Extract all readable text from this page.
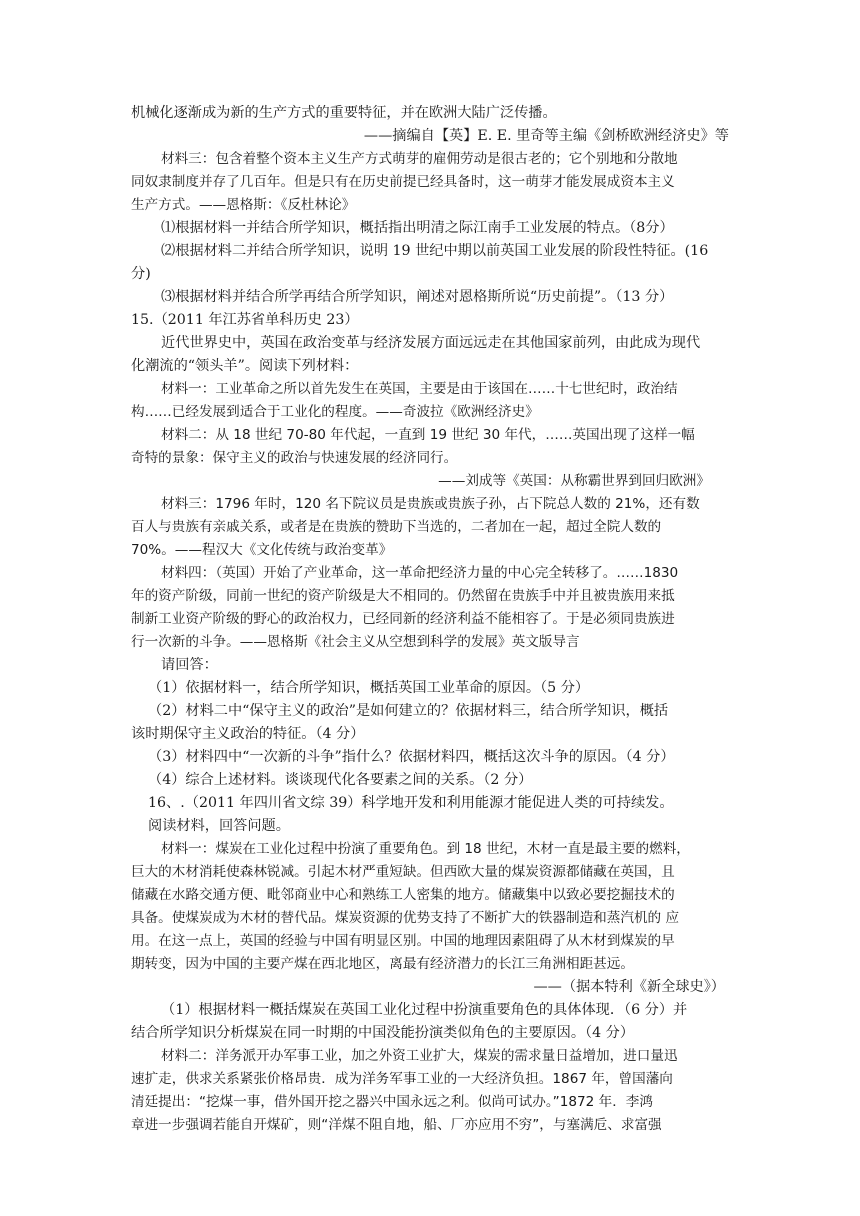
机械化逐渐成为新的生产方式的重要特征，并在欧洲大陆广泛传播。
——摘编自【英】E. E. 里奇等主编《剑桥欧洲经济史》等
材料三：包含着整个资本主义生产方式萌芽的雇佣劳动是很古老的；它个别地和分散地
同奴隶制度并存了几百年。但是只有在历史前提已经具备时，这一萌芽才能发展成资本主义
生产方式。——恩格斯：《反杜林论》
⑴根据材料一并结合所学知识，概括指出明清之际江南手工业发展的特点。（8分）
⑵根据材料二并结合所学知识，说明 19 世纪中期以前英国工业发展的阶段性特征。(16
分)
⑶根据材料并结合所学再结合所学知识，阐述对恩格斯所说“历史前提”。（13 分）
15.（2011 年江苏省单科历史 23）
近代世界史中，英国在政治变革与经济发展方面远远走在其他国家前列，由此成为现代
化潮流的“领头羊”。阅读下列材料：
材料一：工业革命之所以首先发生在英国，主要是由于该国在……十七世纪时，政治结
构……已经发展到适合于工业化的程度。——奇波拉《欧洲经济史》
材料二：从 18 世纪 70-80 年代起，一直到 19 世纪 30 年代，……英国出现了这样一幅
奇特的景象：保守主义的政治与快速发展的经济同行。
——刘成等《英国：从称霸世界到回归欧洲》
材料三：1796 年时，120 名下院议员是贵族或贵族子孙，占下院总人数的 21%，还有数
百人与贵族有亲戚关系，或者是在贵族的赞助下当选的，二者加在一起，超过全院人数的
70%。——程汉大《文化传统与政治变革》
材料四：（英国）开始了产业革命，这一革命把经济力量的中心完全转移了。……1830
年的资产阶级，同前一世纪的资产阶级是大不相同的。仍然留在贵族手中并且被贵族用来抵
制新工业资产阶级的野心的政治权力，已经同新的经济利益不能相容了。于是必须同贵族进
行一次新的斗争。——恩格斯《社会主义从空想到科学的发展》英文版导言
请回答：
（1）依据材料一，结合所学知识，概括英国工业革命的原因。（5 分）
（2）材料二中“保守主义的政治”是如何建立的？依据材料三，结合所学知识，概括
该时期保守主义政治的特征。（4 分）
（3）材料四中“一次新的斗争”指什么？依据材料四，概括这次斗争的原因。（4 分）
（4）综合上述材料。谈谈现代化各要素之间的关系。（2 分）
16、.（2011 年四川省文综 39）科学地开发和利用能源才能促进人类的可持续发。
阅读材料，回答问题。
材料一：煤炭在工业化过程中扮演了重要角色。到 18 世纪，木材一直是最主要的燃料，
巨大的木材消耗使森林锐减。引起木材严重短缺。但西欧大量的煤炭资源都储藏在英国，且
储藏在水路交通方便、毗邻商业中心和熟练工人密集的地方。储藏集中以致必要挖掘技术的
具备。使煤炭成为木材的替代品。煤炭资源的优势支持了不断扩大的铁器制造和蒸汽机的 应
用。在这一点上，英国的经验与中国有明显区别。中国的地理因素阻碍了从木材到煤炭的早
期转变，因为中国的主要产煤在西北地区，离最有经济潜力的长江三角洲相距甚远。
——（据本特利《新全球史》）
（1）根据材料一概括煤炭在英国工业化过程中扮演重要角色的具体体现．（6 分）并
结合所学知识分析煤炭在同一时期的中国没能扮演类似角色的主要原因。（4 分）
材料二：洋务派开办军事工业，加之外资工业扩大，煤炭的需求量日益增加，进口量迅
速扩走，供求关系紧张价格昂贵．成为洋务军事工业的一大经济负担。1867 年，曾国藩向
清廷提出：“挖煤一事，借外国开挖之器兴中国永远之利。似尚可试办。”1872 年．李鸿
章进一步强调若能自开煤矿，则“洋煤不阻自地，船、厂亦应用不穷”，与塞满卮、求富强
